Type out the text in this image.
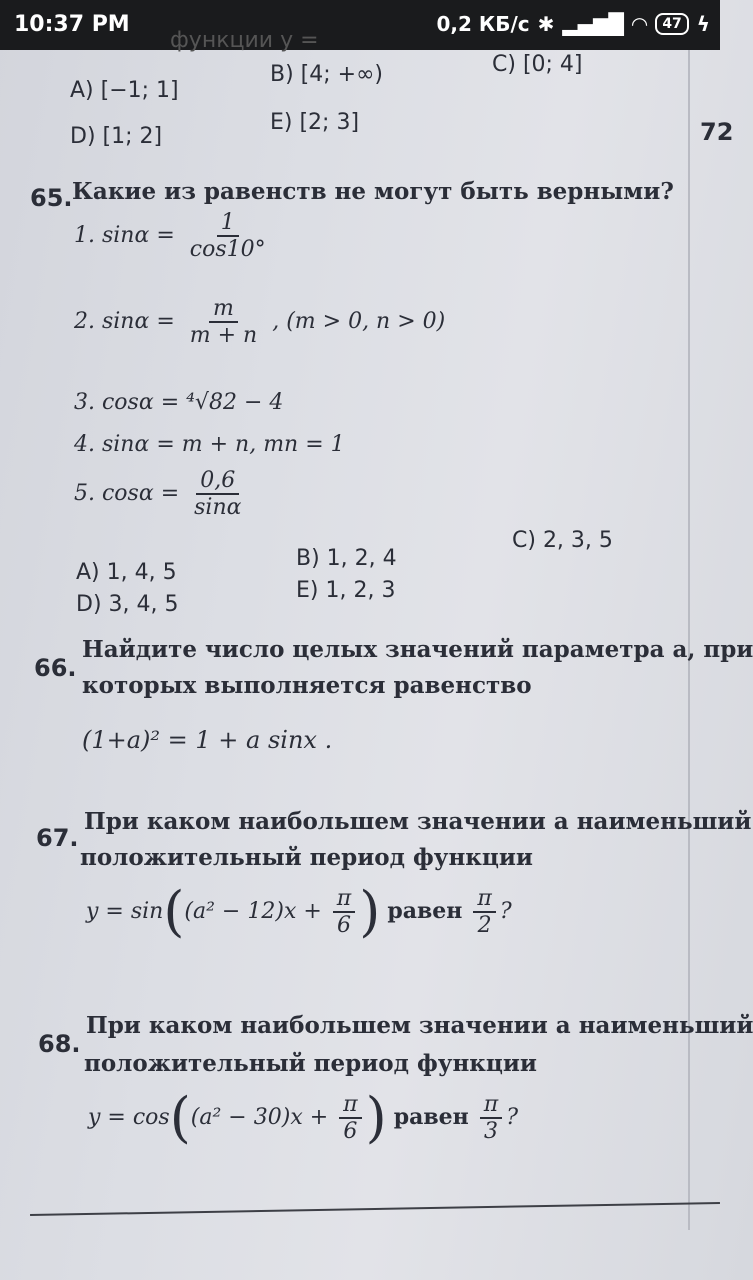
10:37 PM	0,2 КБ/с ✱ ▂▄▆█ ◠	47 ϟ
функции y =
A) [−1; 1]
B) [4; +∞)	C) [0; 4]
D) [1; 2]
E) [2; 3]	72
65. Какие из равенств не могут быть верными?
1. $\sin\alpha = \frac{1}{\cos 10^\circ}$
2. $\sin\alpha = \frac{m}{m + n}$ , (m > 0, n > 0)
3. cosα = ⁴√82 − 4
4. sinα = m + n, mn = 1
5. $\cos\alpha = \frac{0,6}{\sin\alpha}$
A) 1, 4, 5
B) 1, 2, 4
C) 2, 3, 5
D) 3, 4, 5
E) 1, 2, 3
66.
Найдите число целых значений параметра a, при
которых выполняется равенство
(1+a)² = 1 + a sinx .
67.
При каком наибольшем значении a наименьший
положительный период функции
$y = \sin((a^2 - 12)x + \frac{\pi}{6}$ ) равен $\frac{\pi}{2}$ ?
68.
При каком наибольшем значении a наименьший
положительный период функции
$y = \cos((a^2 - 30)x + \frac{\pi}{6}$ ) равен $\frac{\pi}{3}$ ?
